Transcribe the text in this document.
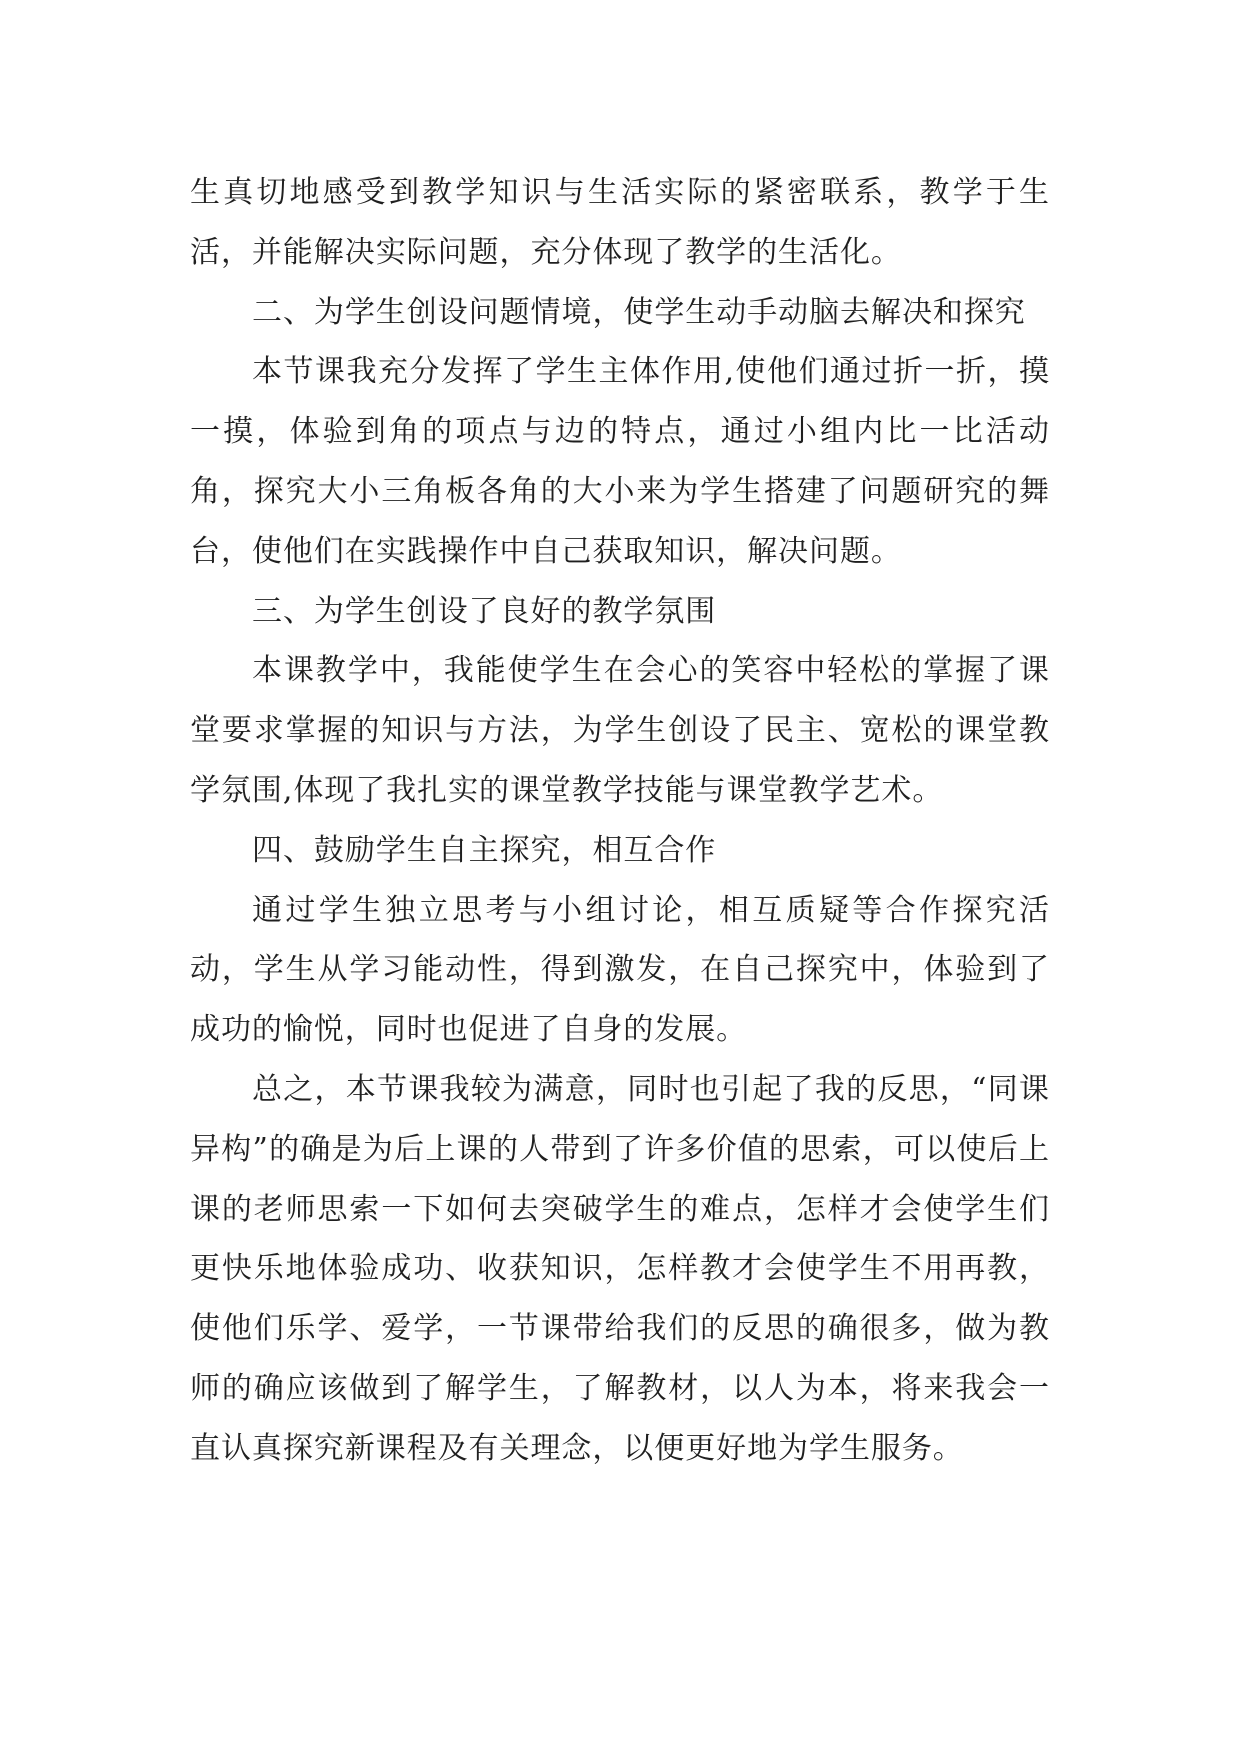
生真切地感受到教学知识与生活实际的紧密联系，教学于生活，并能解决实际问题，充分体现了教学的生活化。

二、为学生创设问题情境，使学生动手动脑去解决和探究

本节课我充分发挥了学生主体作用,使他们通过折一折，摸一摸，体验到角的项点与边的特点，通过小组内比一比活动角，探究大小三角板各角的大小来为学生搭建了问题研究的舞台，使他们在实践操作中自己获取知识，解决问题。

三、为学生创设了良好的教学氛围

本课教学中，我能使学生在会心的笑容中轻松的掌握了课堂要求掌握的知识与方法，为学生创设了民主、宽松的课堂教学氛围,体现了我扎实的课堂教学技能与课堂教学艺术。

四、鼓励学生自主探究，相互合作

通过学生独立思考与小组讨论，相互质疑等合作探究活动，学生从学习能动性，得到激发，在自己探究中，体验到了成功的愉悦，同时也促进了自身的发展。

总之，本节课我较为满意，同时也引起了我的反思，“同课异构”的确是为后上课的人带到了许多价值的思索，可以使后上课的老师思索一下如何去突破学生的难点，怎样才会使学生们更快乐地体验成功、收获知识，怎样教才会使学生不用再教，使他们乐学、爱学，一节课带给我们的反思的确很多，做为教师的确应该做到了解学生，了解教材，以人为本，将来我会一直认真探究新课程及有关理念，以便更好地为学生服务。
